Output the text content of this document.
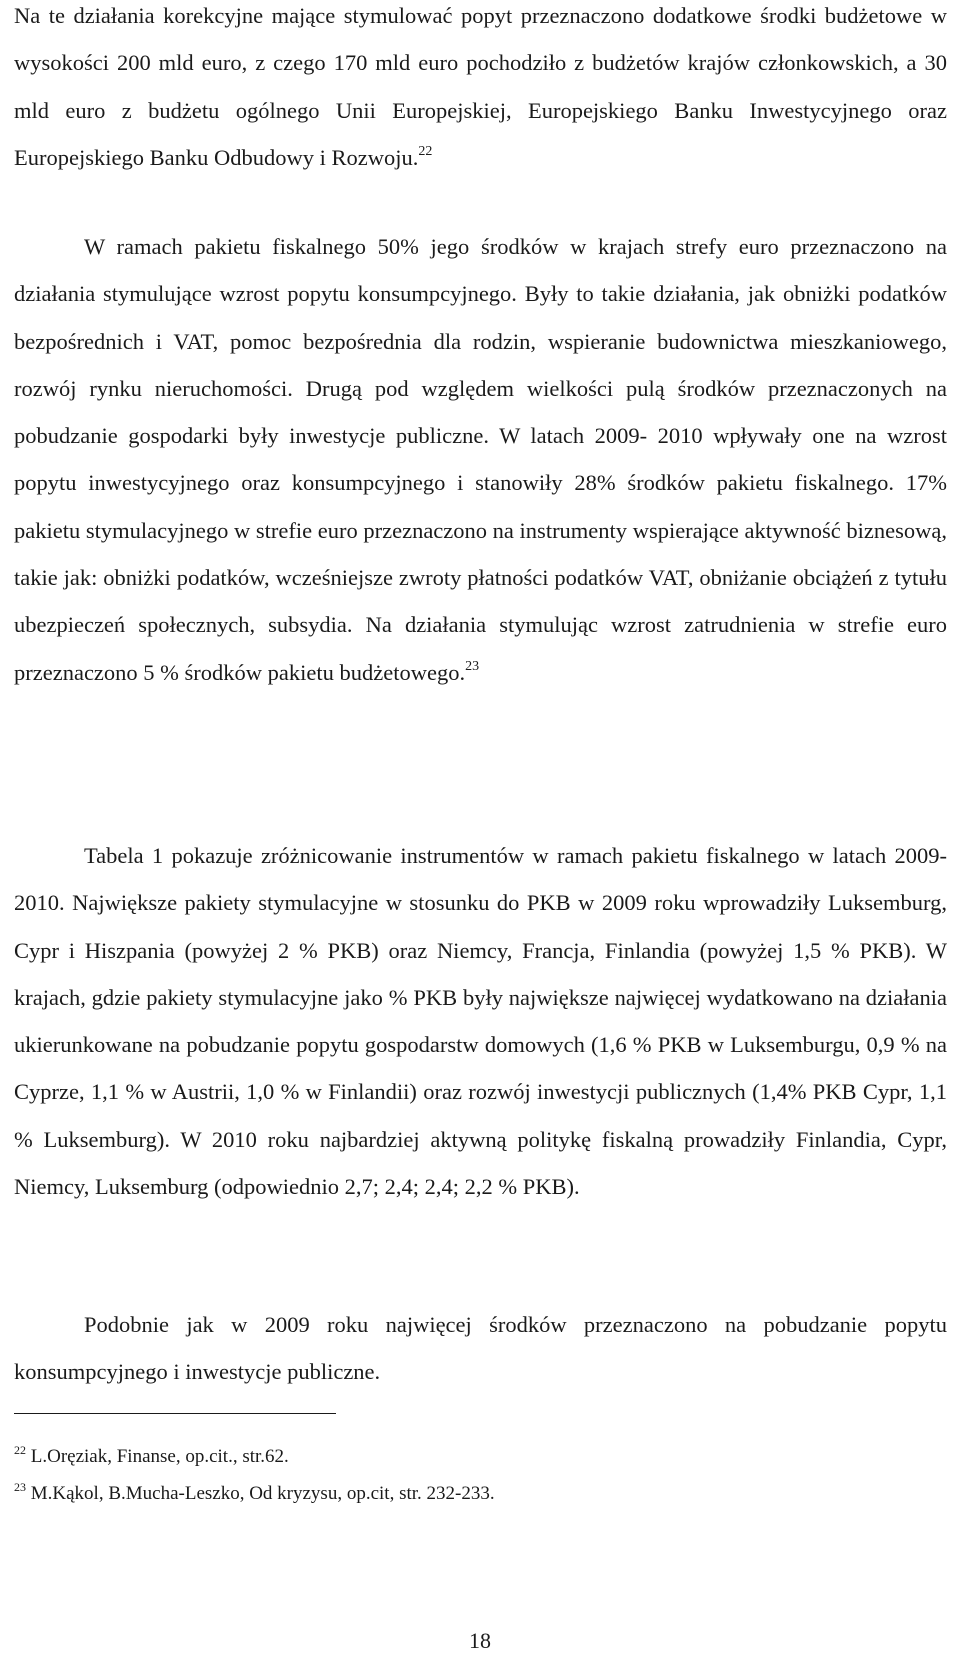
Na te działania korekcyjne mające stymulować popyt przeznaczono dodatkowe środki budżetowe w wysokości 200 mld euro, z czego 170 mld euro pochodziło z budżetów krajów członkowskich, a 30 mld euro z budżetu ogólnego Unii Europejskiej, Europejskiego Banku Inwestycyjnego oraz Europejskiego Banku Odbudowy i Rozwoju.$^{22}$

W ramach pakietu fiskalnego 50% jego środków w krajach strefy euro przeznaczono na działania stymulujące wzrost popytu konsumpcyjnego. Były to takie działania, jak obniżki podatków bezpośrednich i VAT, pomoc bezpośrednia dla rodzin, wspieranie budownictwa mieszkaniowego, rozwój rynku nieruchomości. Drugą pod względem wielkości pulą środków przeznaczonych na pobudzanie gospodarki były inwestycje publiczne. W latach 2009- 2010 wpływały one na wzrost popytu inwestycyjnego oraz konsumpcyjnego i stanowiły 28% środków pakietu fiskalnego. 17% pakietu stymulacyjnego w strefie euro przeznaczono na instrumenty wspierające aktywność biznesową, takie jak: obniżki podatków, wcześniejsze zwroty płatności podatków VAT, obniżanie obciążeń z tytułu ubezpieczeń społecznych, subsydia. Na działania stymulując wzrost zatrudnienia w strefie euro przeznaczono 5 % środków pakietu budżetowego.$^{23}$

Tabela 1 pokazuje zróżnicowanie instrumentów w ramach pakietu fiskalnego w latach 2009- 2010. Największe pakiety stymulacyjne w stosunku do PKB w 2009 roku wprowadziły Luksemburg, Cypr i Hiszpania (powyżej 2 % PKB) oraz Niemcy, Francja, Finlandia (powyżej 1,5 % PKB). W krajach, gdzie pakiety stymulacyjne jako % PKB były największe najwięcej wydatkowano na działania ukierunkowane na pobudzanie popytu gospodarstw domowych (1,6 % PKB w Luksemburgu, 0,9 % na Cyprze, 1,1 % w Austrii, 1,0 % w Finlandii) oraz rozwój inwestycji publicznych (1,4% PKB Cypr, 1,1 % Luksemburg). W 2010 roku najbardziej aktywną politykę fiskalną prowadziły Finlandia, Cypr, Niemcy, Luksemburg (odpowiednio 2,7; 2,4; 2,4; 2,2 % PKB).

Podobnie jak w 2009 roku najwięcej środków przeznaczono na pobudzanie popytu konsumpcyjnego i inwestycje publiczne.

$^{22}$ L.Oręziak, Finanse, op.cit., str.62.
$^{23}$ M.Kąkol, B.Mucha-Leszko, Od kryzysu, op.cit, str. 232-233.
18
